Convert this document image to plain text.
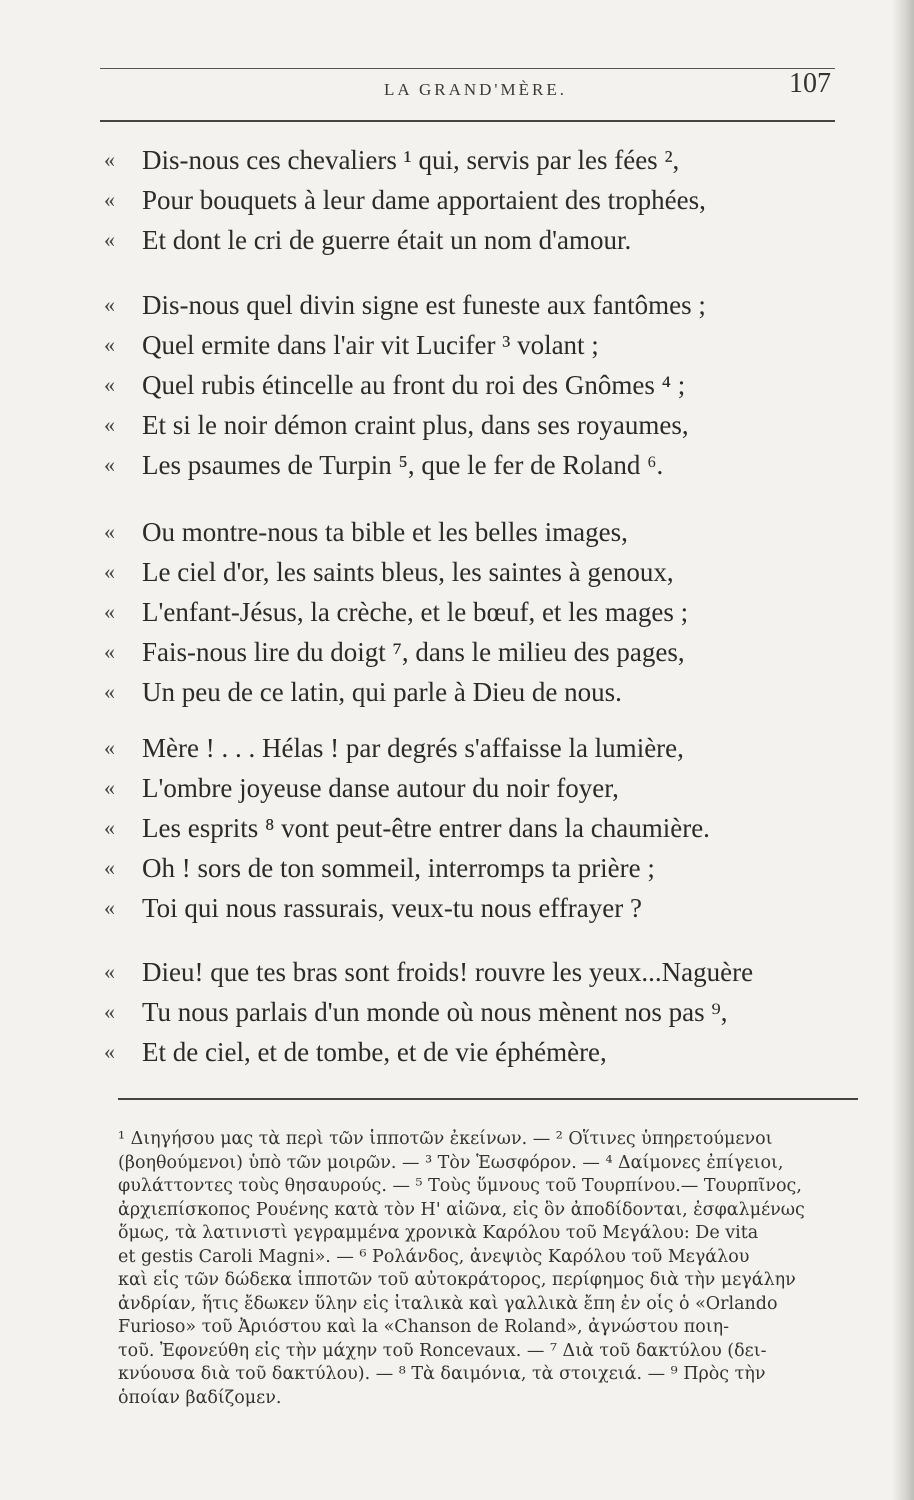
LA GRAND'MÈRE.	107
« Dis-nous ces chevaliers ¹ qui, servis par les fées ²,
« Pour bouquets à leur dame apportaient des trophées,
« Et dont le cri de guerre était un nom d'amour.
« Dis-nous quel divin signe est funeste aux fantômes ;
« Quel ermite dans l'air vit Lucifer ³ volant ;
« Quel rubis étincelle au front du roi des Gnômes ⁴ ;
« Et si le noir démon craint plus, dans ses royaumes,
« Les psaumes de Turpin ⁵, que le fer de Roland ⁶.
« Ou montre-nous ta bible et les belles images,
« Le ciel d'or, les saints bleus, les saintes à genoux,
« L'enfant-Jésus, la crèche, et le bœuf, et les mages ;
« Fais-nous lire du doigt ⁷, dans le milieu des pages,
« Un peu de ce latin, qui parle à Dieu de nous.
« Mère ! . . . Hélas ! par degrés s'affaisse la lumière,
« L'ombre joyeuse danse autour du noir foyer,
« Les esprits ⁸ vont peut-être entrer dans la chaumière.
« Oh ! sors de ton sommeil, interromps ta prière ;
« Toi qui nous rassurais, veux-tu nous effrayer ?
« Dieu! que tes bras sont froids! rouvre les yeux...Naguère
« Tu nous parlais d'un monde où nous mènent nos pas ⁹,
« Et de ciel, et de tombe, et de vie éphémère,
¹ Διηγήσου μας τὰ περὶ τῶν ἱπποτῶν ἐκείνων. — ² Οἵτινες ὑπηρετούμενοι
(βοηθούμενοι) ὑπὸ τῶν μοιρῶν. — ³ Τὸν Ἑωσφόρον. — ⁴ Δαίμονες ἐπίγειοι,
φυλάττοντες τοὺς θησαυρούς. — ⁵ Τοὺς ὕμνους τοῦ Τουρπίνου.— Τουρπῖνος,
ἀρχιεπίσκοπος Ρουένης κατὰ τὸν Η' αἰῶνα, εἰς ὃν ἀποδίδονται, ἐσφαλμένως
ὅμως, τὰ λατινιστὶ γεγραμμένα χρονικὰ Καρόλου τοῦ Μεγάλου: De vita
et gestis Caroli Magni». — ⁶ Ρολάνδος, ἀνεψιὸς Καρόλου τοῦ Μεγάλου
καὶ εἷς τῶν δώδεκα ἱπποτῶν τοῦ αὐτοκράτορος, περίφημος διὰ τὴν μεγάλην
ἀνδρίαν, ἥτις ἔδωκεν ὕλην εἰς ἰταλικὰ καὶ γαλλικὰ ἔπη ἐν οἷς ὁ «Orlando
Furioso» τοῦ Ἀριόστου καὶ la «Chanson de Roland», ἀγνώστου ποιη-
τοῦ. Ἐφονεύθη εἰς τὴν μάχην τοῦ Roncevaux. — ⁷ Διὰ τοῦ δακτύλου (δει-
κνύουσα διὰ τοῦ δακτύλου). — ⁸ Τὰ δαιμόνια, τὰ στοιχειά. — ⁹ Πρὸς τὴν
ὁποίαν βαδίζομεν.
